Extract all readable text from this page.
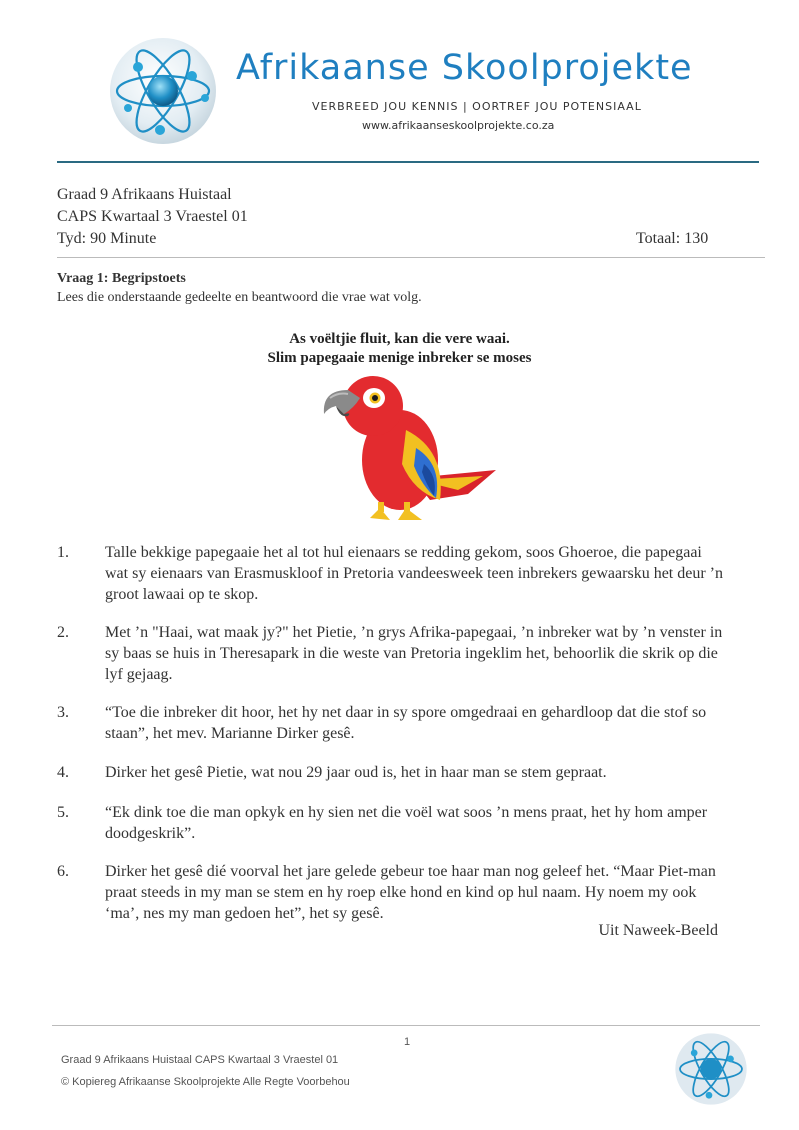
Afrikaanse Skoolprojekte
VERBREED JOU KENNIS | OORTREF JOU POTENSIAAL
www.afrikaanseskoolprojekte.co.za
Graad 9 Afrikaans Huistaal
CAPS Kwartaal 3 Vraestel 01
Tyd: 90 Minute	Totaal: 130
Vraag 1: Begripstoets
Lees die onderstaande gedeelte en beantwoord die vrae wat volg.
As voëltjie fluit, kan die vere waai.
Slim papegaaie menige inbreker se moses
1. Talle bekkige papegaaie het al tot hul eienaars se redding gekom, soos Ghoeroe, die papegaai wat sy eienaars van Erasmuskloof in Pretoria vandeesweek teen inbrekers gewaarsku het deur ’n groot lawaai op te skop.
2. Met ’n "Haai, wat maak jy?" het Pietie, ’n grys Afrika-papegaai, ’n inbreker wat by ’n venster in sy baas se huis in Theresapark in die weste van Pretoria ingeklim het, behoorlik die skrik op die lyf gejaag.
3. “Toe die inbreker dit hoor, het hy net daar in sy spore omgedraai en gehardloop dat die stof so staan”, het mev. Marianne Dirker gesê.
4. Dirker het gesê Pietie, wat nou 29 jaar oud is, het in haar man se stem gepraat.
5. “Ek dink toe die man opkyk en hy sien net die voël wat soos ’n mens praat, het hy hom amper doodgeskrik”.
6. Dirker het gesê dié voorval het jare gelede gebeur toe haar man nog geleef het. “Maar Piet-man praat steeds in my man se stem en hy roep elke hond en kind op hul naam. Hy noem my ook ‘ma’, nes my man gedoen het”, het sy gesê.
Uit Naweek-Beeld
1
Graad 9 Afrikaans Huistaal CAPS Kwartaal 3 Vraestel 01
© Kopiereg Afrikaanse Skoolprojekte Alle Regte Voorbehou
